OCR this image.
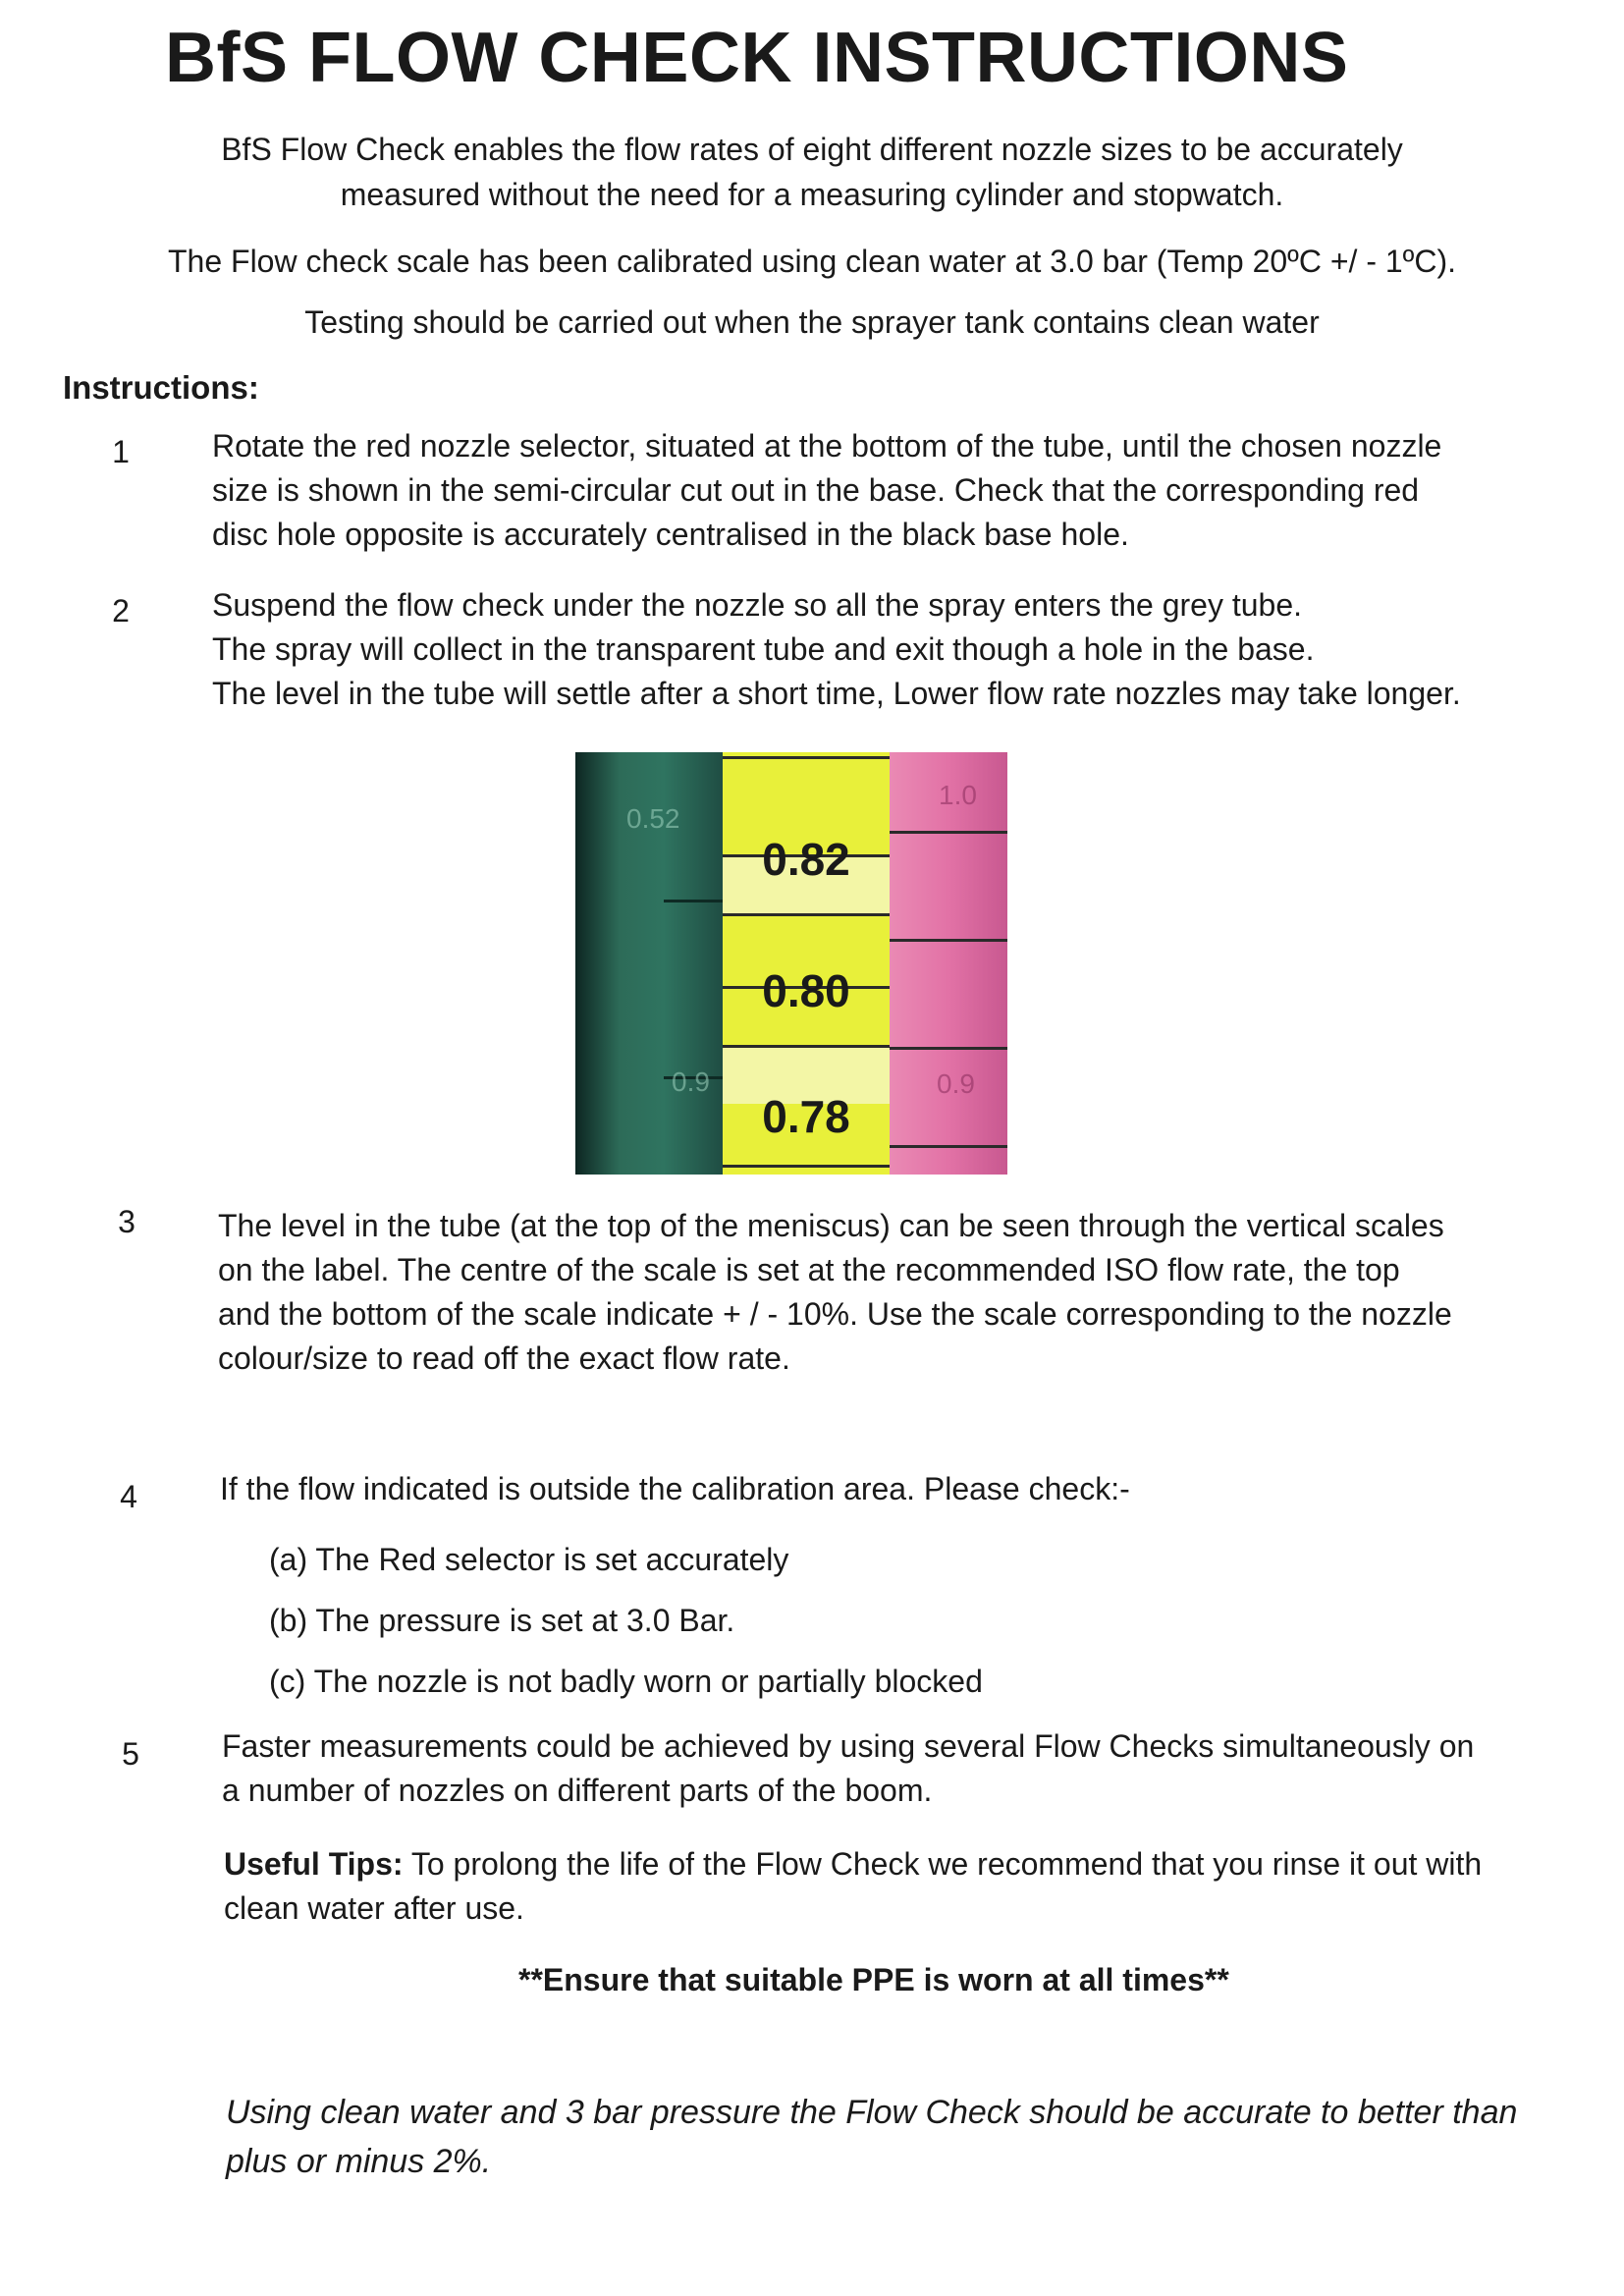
BfS FLOW CHECK INSTRUCTIONS
BfS Flow Check enables the flow rates of eight different nozzle sizes to be accurately
measured without the need for a measuring cylinder and stopwatch.
The Flow check scale has been calibrated using clean water at 3.0 bar (Temp 20ºC +/ - 1ºC).
Testing should be carried out when the sprayer tank contains clean water
Instructions:
1	Rotate the red nozzle selector, situated at the bottom of the tube, until the chosen nozzle
size is shown in the semi-circular cut out in the base. Check that the corresponding red
disc hole opposite is accurately centralised in the black base hole.
2	Suspend the flow check under the nozzle so all the spray enters the grey tube.
The spray will collect in the transparent tube and exit though a hole in the base.
The level in the tube will settle after a short time, Lower flow rate nozzles may take longer.
0.82
0.80
0.78
0.52
0.9
1.0
0.9
3	The level in the tube (at the top of the meniscus) can be seen through the vertical scales
on the label. The centre of the scale is set at the recommended ISO flow rate, the top
and the bottom of the scale indicate + / - 10%. Use the scale corresponding to the nozzle
colour/size to read off the exact flow rate.
4	If the flow indicated is outside the calibration area. Please check:-
(a) The Red selector is set accurately
(b) The pressure is set at 3.0 Bar.
(c) The nozzle is not badly worn or partially blocked
5	Faster measurements could be achieved by using several Flow Checks simultaneously on
a number of nozzles on different parts of the boom.
Useful Tips: To prolong the life of the Flow Check we recommend that you rinse it out with
clean water after use.
**Ensure that suitable PPE is worn at all times**
Using clean water and 3 bar pressure the Flow Check should be accurate to better than
plus or minus 2%.
